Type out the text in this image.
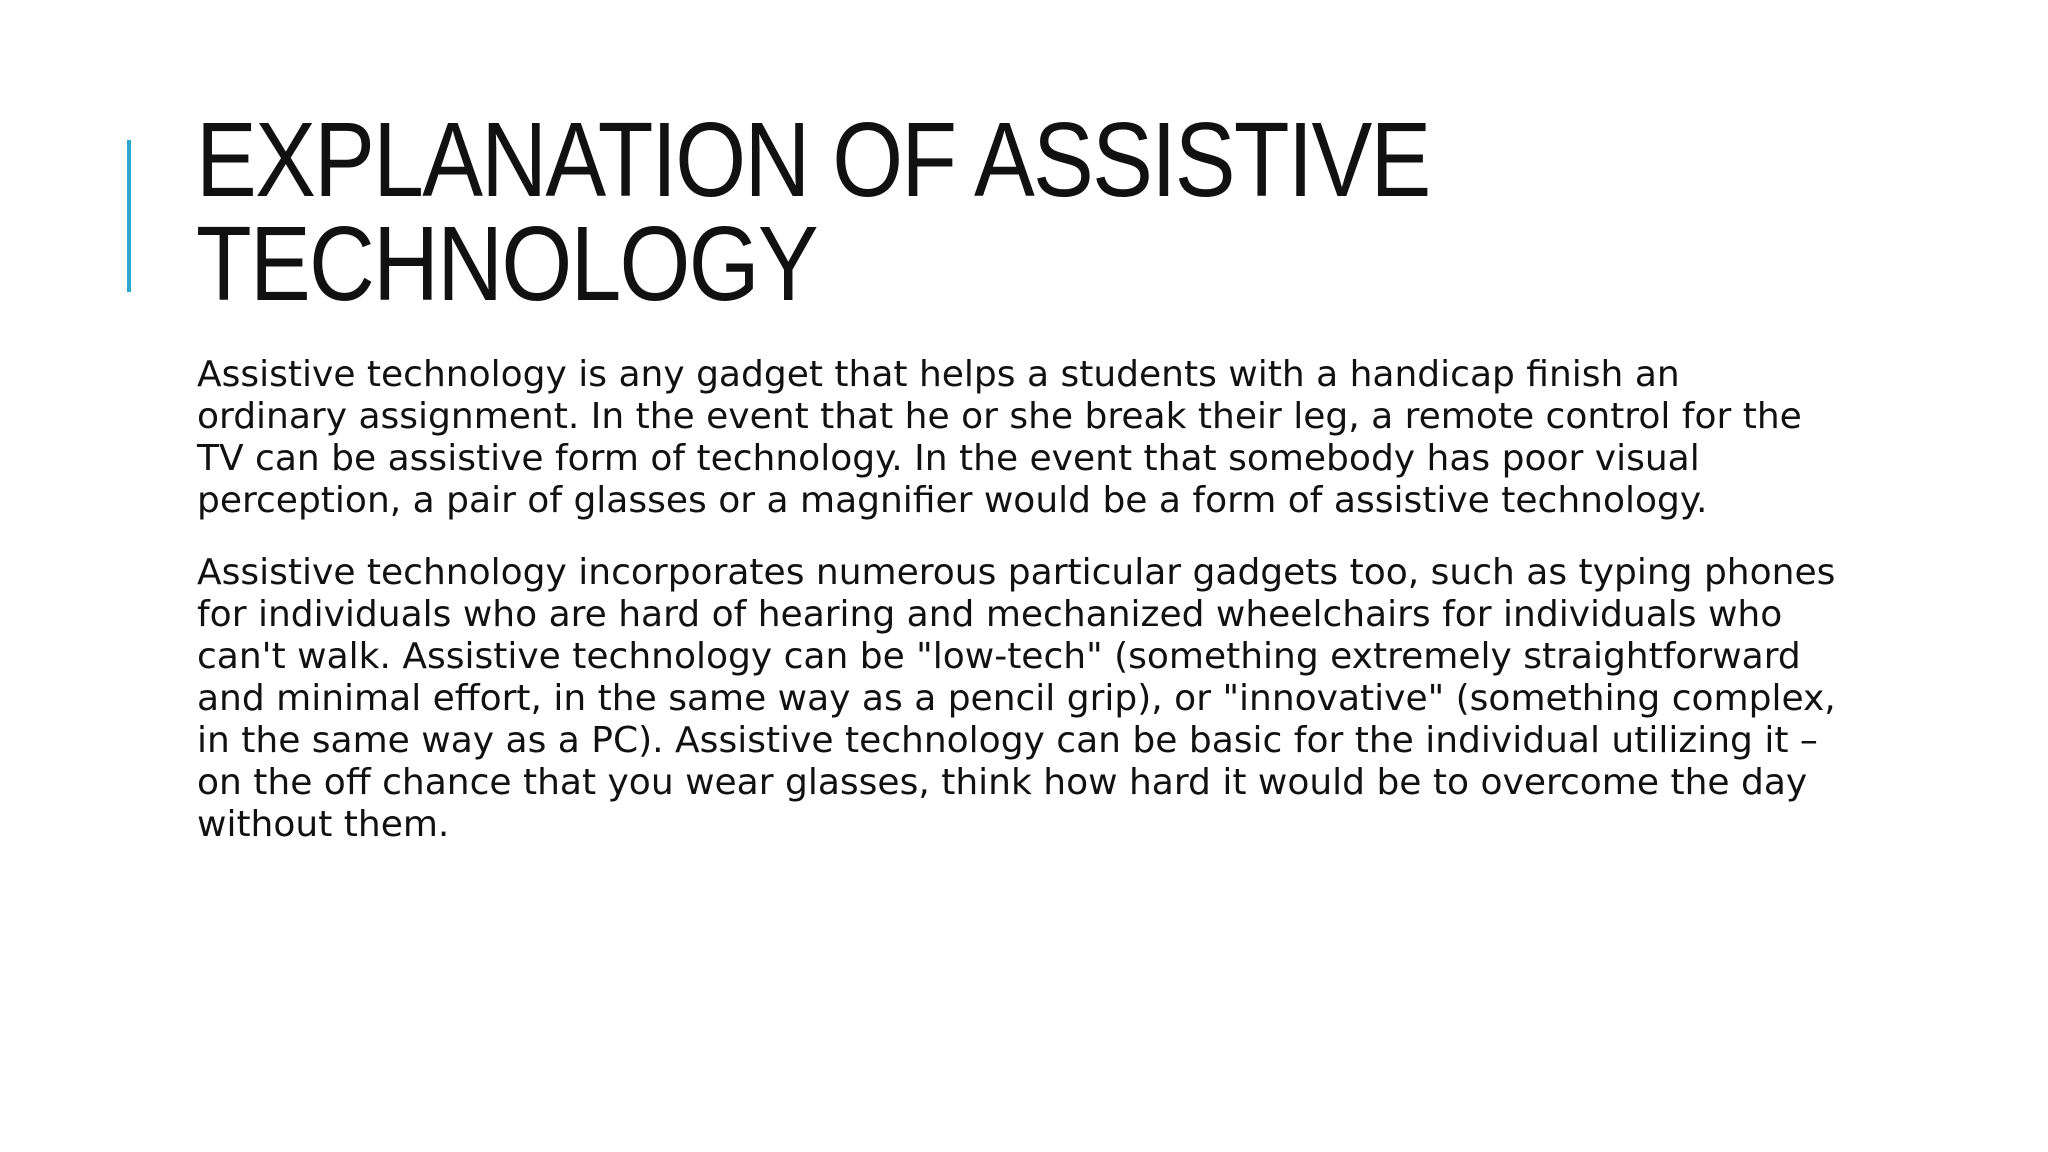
EXPLANATION OF ASSISTIVE
TECHNOLOGY

Assistive technology is any gadget that helps a students with a handicap finish an ordinary assignment. In the event that he or she break their leg, a remote control for the TV can be assistive form of technology. In the event that somebody has poor visual perception, a pair of glasses or a magnifier would be a form of assistive technology.

Assistive technology incorporates numerous particular gadgets too, such as typing phones for individuals who are hard of hearing and mechanized wheelchairs for individuals who can't walk. Assistive technology can be "low-tech" (something extremely straightforward and minimal effort, in the same way as a pencil grip), or "innovative" (something complex, in the same way as a PC). Assistive technology can be basic for the individual utilizing it – on the off chance that you wear glasses, think how hard it would be to overcome the day without them.
